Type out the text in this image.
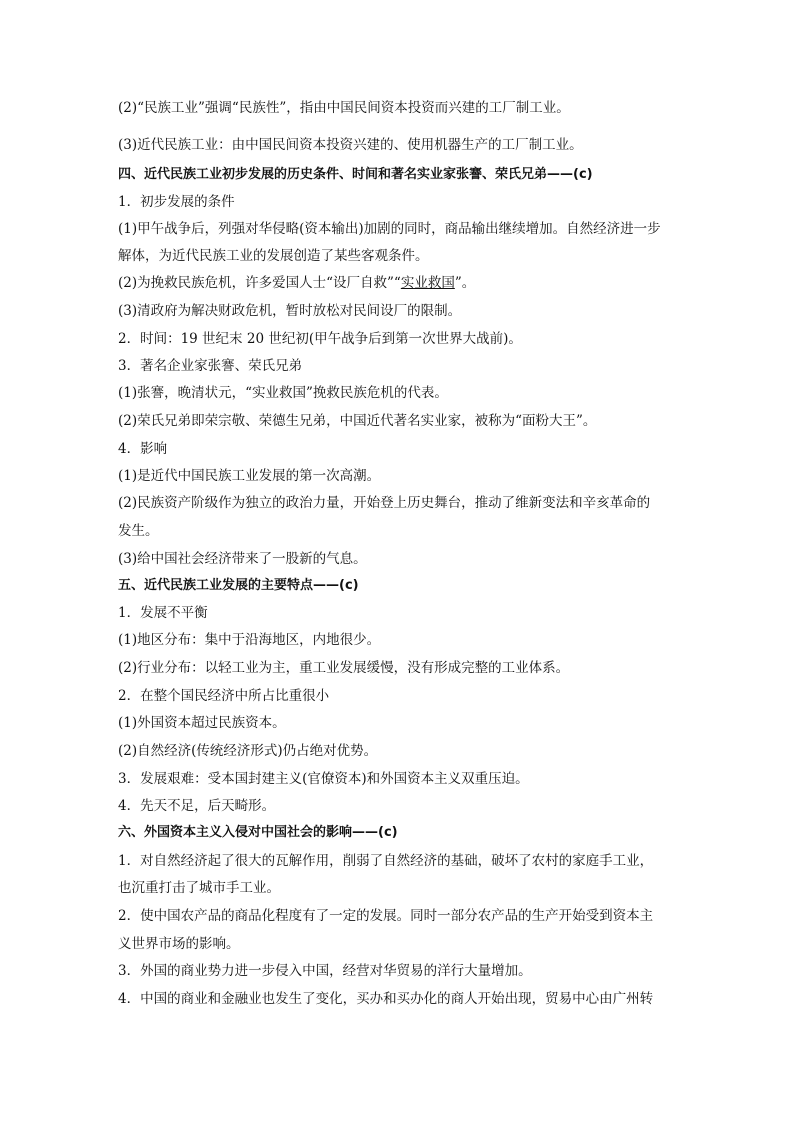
(2)“民族工业”强调“民族性”，指由中国民间资本投资而兴建的工厂制工业。
(3)近代民族工业：由中国民间资本投资兴建的、使用机器生产的工厂制工业。
四、近代民族工业初步发展的历史条件、时间和著名实业家张謇、荣氏兄弟——(c)
1．初步发展的条件
(1)甲午战争后，列强对华侵略(资本输出)加剧的同时，商品输出继续增加。自然经济进一步
解体，为近代民族工业的发展创造了某些客观条件。
(2)为挽救民族危机，许多爱国人士“设厂自救”“实业救国”。
(3)清政府为解决财政危机，暂时放松对民间设厂的限制。
2．时间：19 世纪末 20 世纪初(甲午战争后到第一次世界大战前)。
3．著名企业家张謇、荣氏兄弟
(1)张謇，晚清状元，“实业救国”挽救民族危机的代表。
(2)荣氏兄弟即荣宗敬、荣德生兄弟，中国近代著名实业家，被称为“面粉大王”。
4．影响
(1)是近代中国民族工业发展的第一次高潮。
(2)民族资产阶级作为独立的政治力量，开始登上历史舞台，推动了维新变法和辛亥革命的
发生。
(3)给中国社会经济带来了一股新的气息。
五、近代民族工业发展的主要特点——(c)
1．发展不平衡
(1)地区分布：集中于沿海地区，内地很少。
(2)行业分布：以轻工业为主，重工业发展缓慢，没有形成完整的工业体系。
2．在整个国民经济中所占比重很小
(1)外国资本超过民族资本。
(2)自然经济(传统经济形式)仍占绝对优势。
3．发展艰难：受本国封建主义(官僚资本)和外国资本主义双重压迫。
4．先天不足，后天畸形。
六、外国资本主义入侵对中国社会的影响——(c)
1．对自然经济起了很大的瓦解作用，削弱了自然经济的基础，破坏了农村的家庭手工业，
也沉重打击了城市手工业。
2．使中国农产品的商品化程度有了一定的发展。同时一部分农产品的生产开始受到资本主
义世界市场的影响。
3．外国的商业势力进一步侵入中国，经营对华贸易的洋行大量增加。
4．中国的商业和金融业也发生了变化，买办和买办化的商人开始出现，贸易中心由广州转
